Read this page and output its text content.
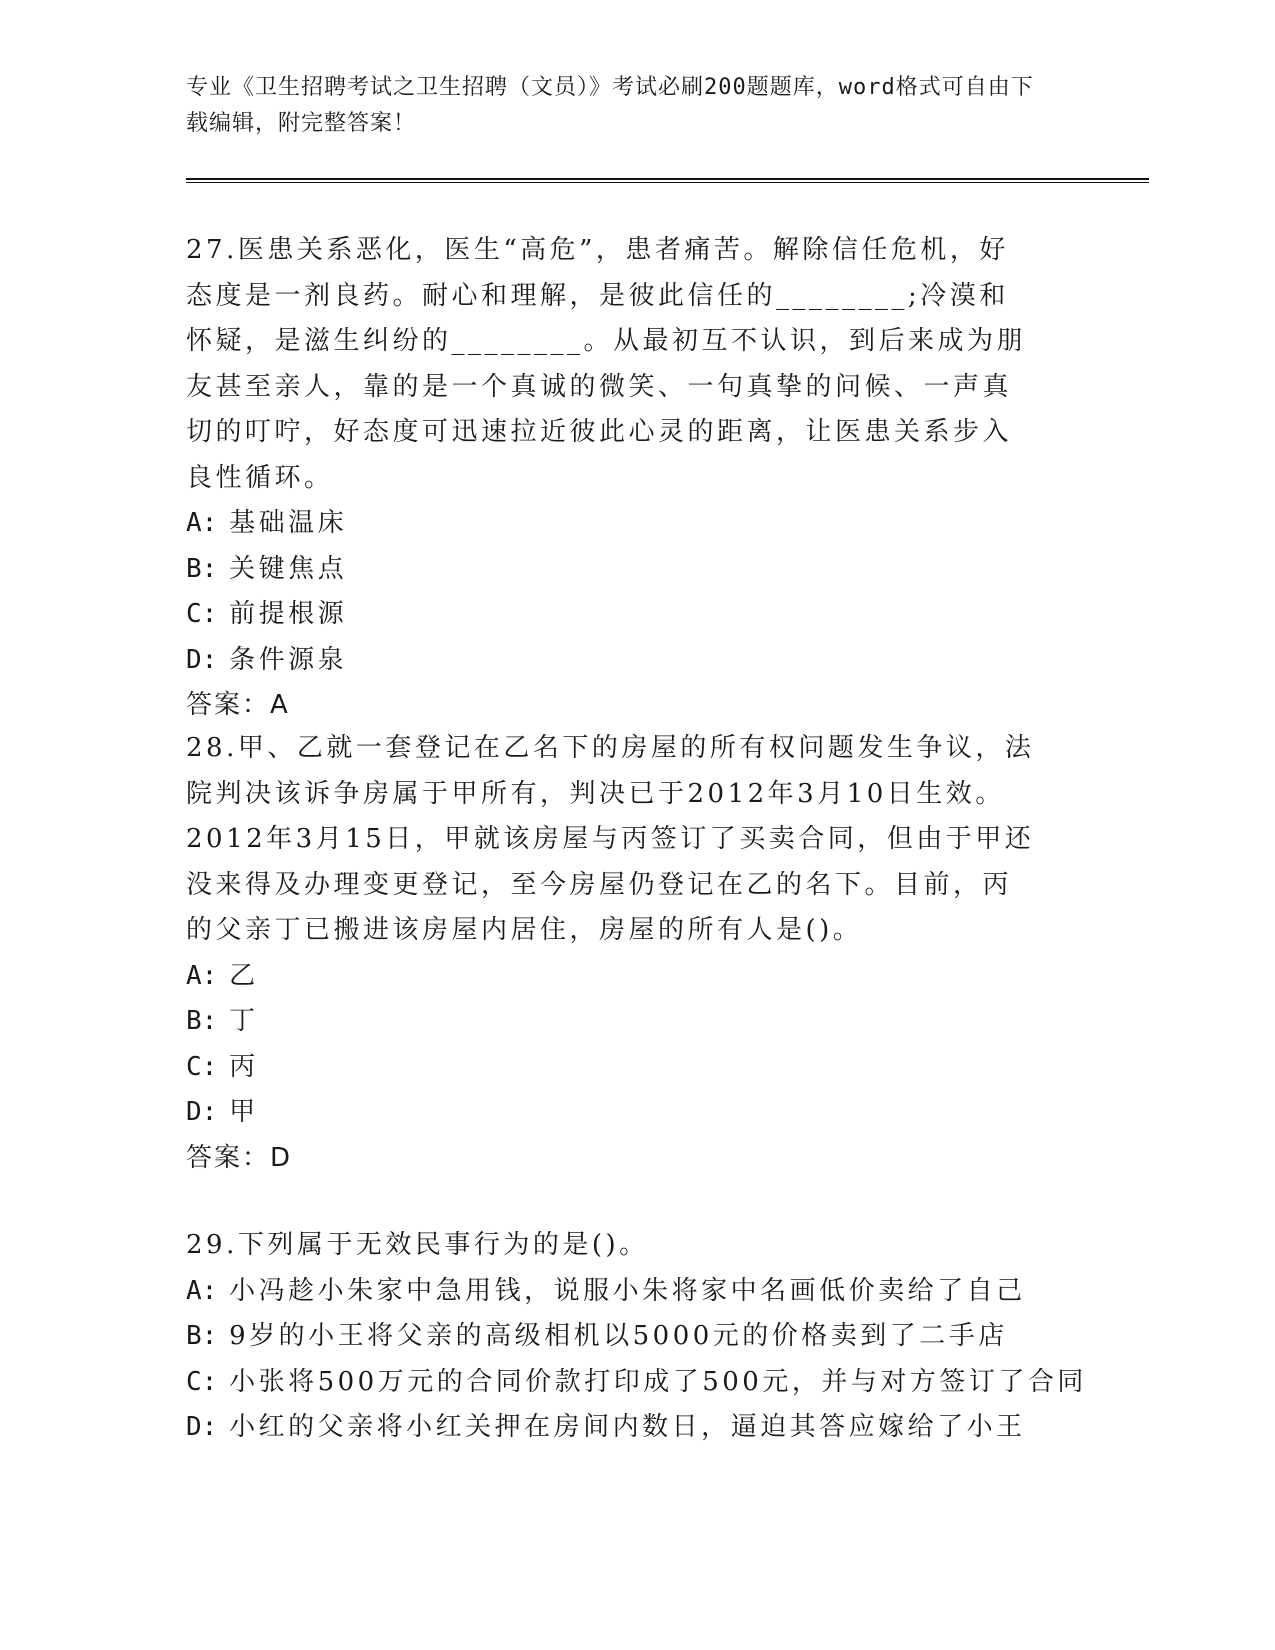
专业《卫生招聘考试之卫生招聘（文员）》考试必刷200题题库，word格式可自由下载编辑，附完整答案！

27.医患关系恶化，医生“高危”，患者痛苦。解除信任危机，好态度是一剂良药。耐心和理解，是彼此信任的________;冷漠和怀疑，是滋生纠纷的________。从最初互不认识，到后来成为朋友甚至亲人，靠的是一个真诚的微笑、一句真挚的问候、一声真切的叮咛，好态度可迅速拉近彼此心灵的距离，让医患关系步入良性循环。

A: 基础温床

B: 关键焦点

C: 前提根源

D: 条件源泉

答案：A

28.甲、乙就一套登记在乙名下的房屋的所有权问题发生争议，法院判决该诉争房属于甲所有，判决已于2012年3月10日生效。2012年3月15日，甲就该房屋与丙签订了买卖合同，但由于甲还没来得及办理变更登记，至今房屋仍登记在乙的名下。目前，丙的父亲丁已搬进该房屋内居住，房屋的所有人是()。

A: 乙

B: 丁

C: 丙

D: 甲

答案：D

29.下列属于无效民事行为的是()。

A: 小冯趁小朱家中急用钱，说服小朱将家中名画低价卖给了自己

B: 9岁的小王将父亲的高级相机以5000元的价格卖到了二手店

C: 小张将500万元的合同价款打印成了500元，并与对方签订了合同

D: 小红的父亲将小红关押在房间内数日，逼迫其答应嫁给了小王
